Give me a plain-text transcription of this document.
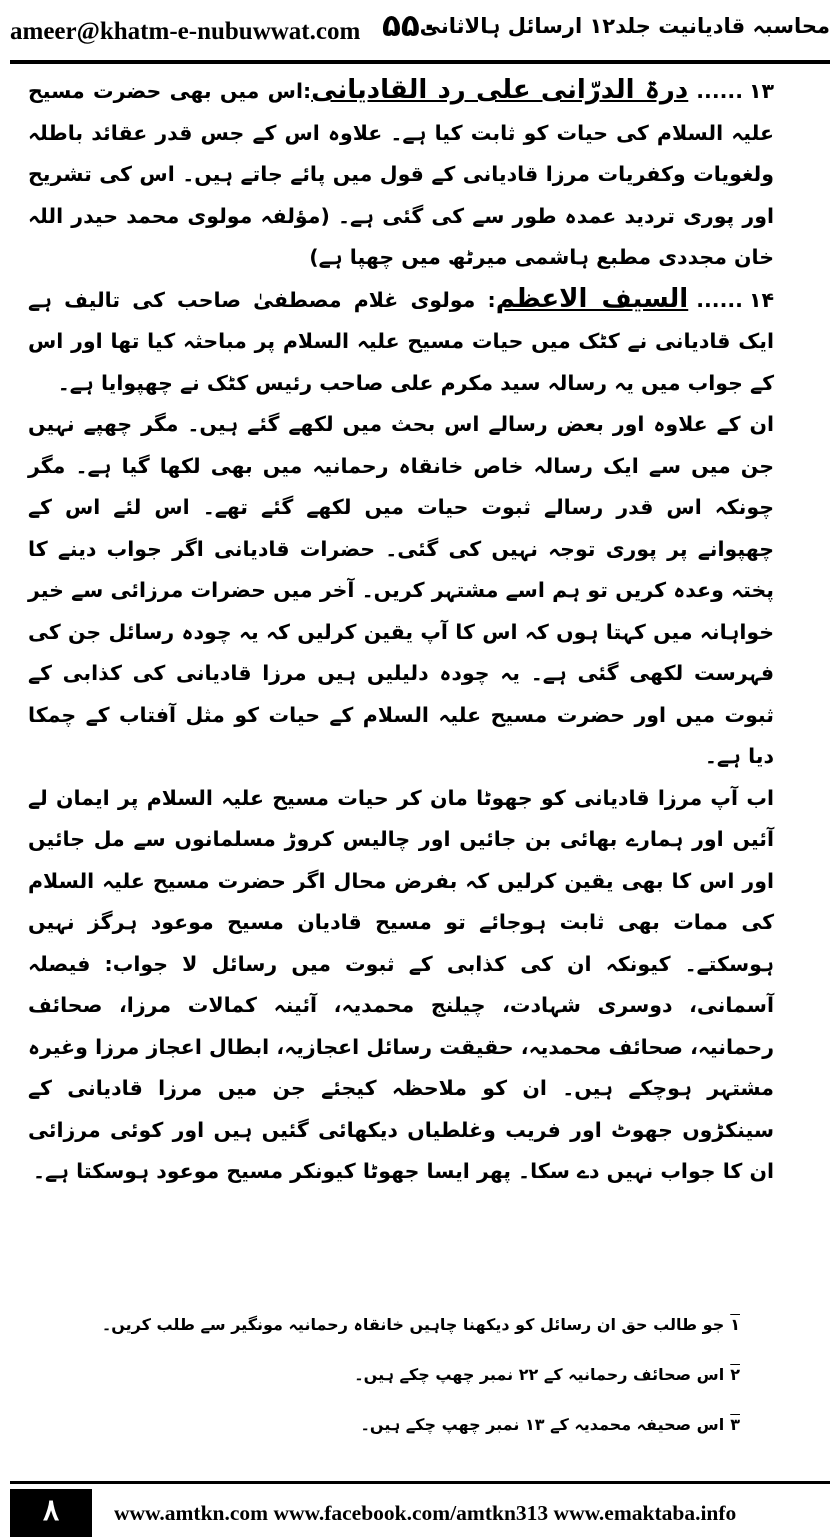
ameer@khatm-e-nubuwwat.com ۵۵۰
محاسبہ قادیانیت جلد۱۲ ارسائل ہالاثانی

۱۳......درۃ الدرّانی علی رد القادیانی:اس میں بھی حضرت مسیح علیہ السلام کی حیات کو ثابت کیا ہے۔ علاوہ اس کے جس قدر عقائد باطلہ ولغویات وکفریات مرزا قادیانی کے قول میں پائے جاتے ہیں۔ اس کی تشریح اور پوری تردید عمدہ طور سے کی گئی ہے۔ (مؤلفہ مولوی محمد حیدر اللہ خان مجددی مطبع ہاشمی میرٹھ میں چھپا ہے)

۱۴......السیف الاعظم: مولوی غلام مصطفیٰ صاحب کی تالیف ہے ایک قادیانی نے کٹک میں حیات مسیح علیہ السلام پر مباحثہ کیا تھا اور اس کے جواب میں یہ رسالہ سید مکرم علی صاحب رئیس کٹک نے چھپوایا ہے۔

ان کے علاوہ اور بعض رسالے اس بحث میں لکھے گئے ہیں۔ مگر چھپے نہیں جن میں سے ایک رسالہ خاص خانقاہ رحمانیہ میں بھی لکھا گیا ہے۔ مگر چونکہ اس قدر رسالے ثبوت حیات میں لکھے گئے تھے۔ اس لئے اس کے چھپوانے پر پوری توجہ نہیں کی گئی۔ حضرات قادیانی اگر جواب دینے کا پختہ وعدہ کریں تو ہم اسے مشتہر کریں۔ آخر میں حضرات مرزائی سے خیر خواہانہ میں کہتا ہوں کہ اس کا آپ یقین کرلیں کہ یہ چودہ رسائل جن کی فہرست لکھی گئی ہے۔ یہ چودہ دلیلیں ہیں مرزا قادیانی کی کذابی کے ثبوت میں اور حضرت مسیح علیہ السلام کے حیات کو مثل آفتاب کے چمکا دیا ہے۔

اب آپ مرزا قادیانی کو جھوٹا مان کر حیات مسیح علیہ السلام پر ایمان لے آئیں اور ہمارے بھائی بن جائیں اور چالیس کروڑ مسلمانوں سے مل جائیں اور اس کا بھی یقین کرلیں کہ بفرض محال اگر حضرت مسیح علیہ السلام کی ممات بھی ثابت ہوجائے تو مسیح قادیان مسیح موعود ہرگز نہیں ہوسکتے۔ کیونکہ ان کی کذابی کے ثبوت میں رسائل لا جواب: فیصلہ آسمانی، دوسری شہادت، چیلنج محمدیہ، آئینہ کمالات مرزا، صحائف رحمانیہ، صحائف محمدیہ، حقیقت رسائل اعجازیہ، ابطال اعجاز مرزا وغیرہ مشتہر ہوچکے ہیں۔ ان کو ملاحظہ کیجئے جن میں مرزا قادیانی کے سینکڑوں جھوٹ اور فریب وغلطیاں دیکھائی گئیں ہیں اور کوئی مرزائی ان کا جواب نہیں دے سکا۔ پھر ایسا جھوٹا کیونکر مسیح موعود ہوسکتا ہے۔

۱جو طالب حق ان رسائل کو دیکھنا چاہیں خانقاہ رحمانیہ مونگیر سے طلب کریں۔
۲اس صحائف رحمانیہ کے ۲۲ نمبر چھپ چکے ہیں۔
۳اس صحیفہ محمدیہ کے ۱۳ نمبر چھپ چکے ہیں۔
۸	www.amtkn.com www.facebook.com/amtkn313 www.emaktaba.info
